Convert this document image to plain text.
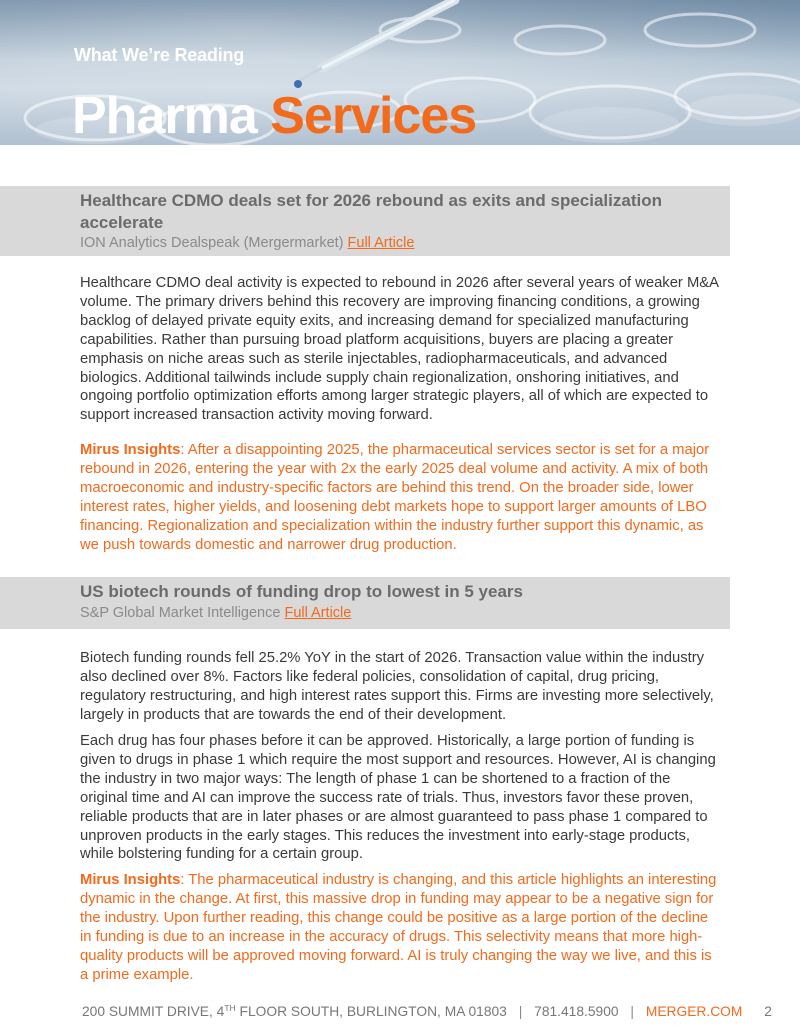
What We’re Reading
Pharma Services
Healthcare CDMO deals set for 2026 rebound as exits and specialization accelerate
ION Analytics Dealspeak (Mergermarket) Full Article

Healthcare CDMO deal activity is expected to rebound in 2026 after several years of weaker M&A volume. The primary drivers behind this recovery are improving financing conditions, a growing backlog of delayed private equity exits, and increasing demand for specialized manufacturing capabilities. Rather than pursuing broad platform acquisitions, buyers are placing a greater emphasis on niche areas such as sterile injectables, radiopharmaceuticals, and advanced biologics. Additional tailwinds include supply chain regionalization, onshoring initiatives, and ongoing portfolio optimization efforts among larger strategic players, all of which are expected to support increased transaction activity moving forward.

Mirus Insights: After a disappointing 2025, the pharmaceutical services sector is set for a major rebound in 2026, entering the year with 2x the early 2025 deal volume and activity. A mix of both macroeconomic and industry-specific factors are behind this trend. On the broader side, lower interest rates, higher yields, and loosening debt markets hope to support larger amounts of LBO financing. Regionalization and specialization within the industry further support this dynamic, as we push towards domestic and narrower drug production.

US biotech rounds of funding drop to lowest in 5 years
S&P Global Market Intelligence Full Article

Biotech funding rounds fell 25.2% YoY in the start of 2026. Transaction value within the industry also declined over 8%. Factors like federal policies, consolidation of capital, drug pricing, regulatory restructuring, and high interest rates support this. Firms are investing more selectively, largely in products that are towards the end of their development.

Each drug has four phases before it can be approved. Historically, a large portion of funding is given to drugs in phase 1 which require the most support and resources. However, AI is changing the industry in two major ways: The length of phase 1 can be shortened to a fraction of the original time and AI can improve the success rate of trials. Thus, investors favor these proven, reliable products that are in later phases or are almost guaranteed to pass phase 1 compared to unproven products in the early stages. This reduces the investment into early-stage products, while bolstering funding for a certain group.

Mirus Insights: The pharmaceutical industry is changing, and this article highlights an interesting dynamic in the change. At first, this massive drop in funding may appear to be a negative sign for the industry. Upon further reading, this change could be positive as a large portion of the decline in funding is due to an increase in the accuracy of drugs. This selectivity means that more high-quality products will be approved moving forward. AI is truly changing the way we live, and this is a prime example.

200 SUMMIT DRIVE, 4TH FLOOR SOUTH, BURLINGTON, MA 01803 | 781.418.5900 | MERGER.COM 2
